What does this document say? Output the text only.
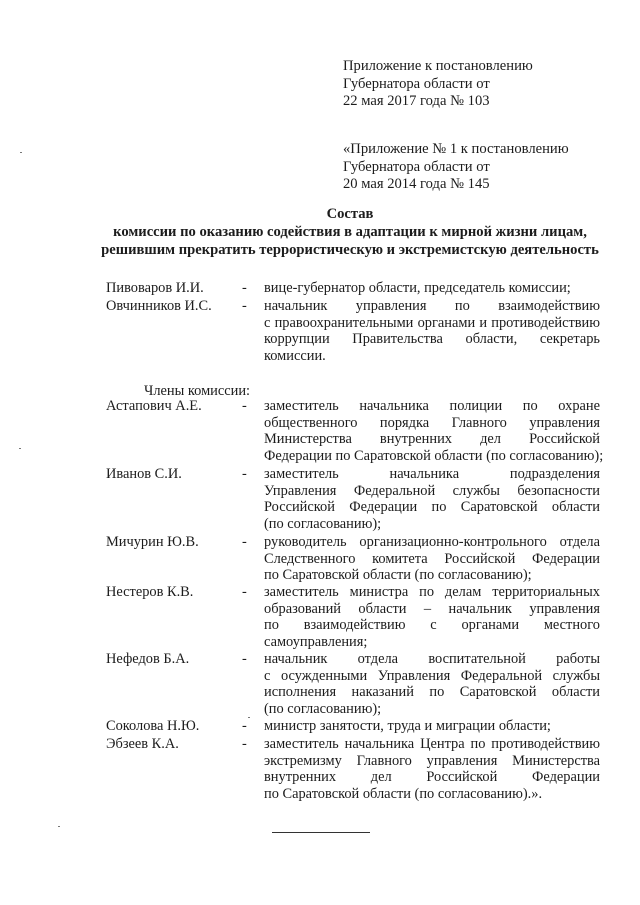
Приложение к постановлению
Губернатора области от
22 мая 2017 года № 103
«Приложение № 1 к постановлению
Губернатора области от
20 мая 2014 года № 145
Состав
комиссии по оказанию содействия в адаптации к мирной жизни лицам,
решившим прекратить террористическую и экстремистскую деятельность
Пивоваров И.И.	- вице-губернатор области, председатель комиссии;
Овчинников И.С. - начальник управления по взаимодействию
с правоохранительными органами и противодействию
коррупции Правительства области, секретарь
комиссии.
Члены комиссии:
Астапович А.Е.	- заместитель начальника полиции по охране
общественного порядка Главного управления
Министерства внутренних дел Российской
Федерации по Саратовской области (по согласованию);
Иванов С.И.	- заместитель начальника подразделения
Управления Федеральной службы безопасности
Российской Федерации по Саратовской области
(по согласованию);
Мичурин Ю.В.	- руководитель организационно-контрольного отдела
Следственного комитета Российской Федерации
по Саратовской области (по согласованию);
Нестеров К.В.	- заместитель министра по делам территориальных
образований области – начальник управления
по взаимодействию с органами местного
самоуправления;
Нефедов Б.А.	- начальник отдела воспитательной работы
с осужденными Управления Федеральной службы
исполнения наказаний по Саратовской области
(по согласованию);
Соколова Н.Ю.	- министр занятости, труда и миграции области;
Эбзеев К.А.	- заместитель начальника Центра по противодействию
экстремизму Главного управления Министерства
внутренних дел Российской Федерации
по Саратовской области (по согласованию).».
